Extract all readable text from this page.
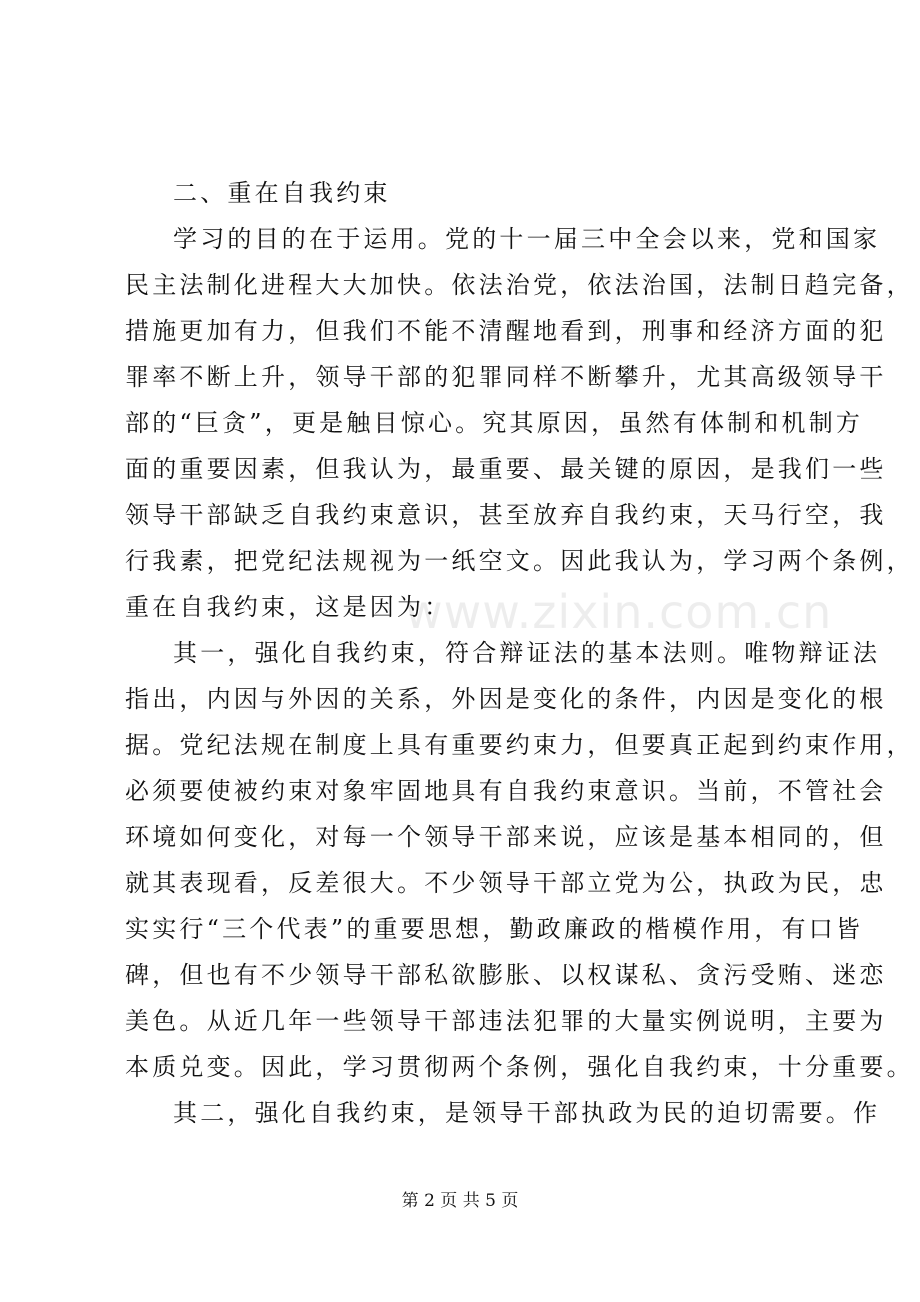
二、重在自我约束
学习的目的在于运用。党的十一届三中全会以来，党和国家
民主法制化进程大大加快。依法治党，依法治国，法制日趋完备，
措施更加有力，但我们不能不清醒地看到，刑事和经济方面的犯
罪率不断上升，领导干部的犯罪同样不断攀升，尤其高级领导干
部的“巨贪”，更是触目惊心。究其原因，虽然有体制和机制方
面的重要因素，但我认为，最重要、最关键的原因，是我们一些
领导干部缺乏自我约束意识，甚至放弃自我约束，天马行空，我
行我素，把党纪法规视为一纸空文。因此我认为，学习两个条例，
重在自我约束，这是因为：
其一，强化自我约束，符合辩证法的基本法则。唯物辩证法
指出，内因与外因的关系，外因是变化的条件，内因是变化的根
据。党纪法规在制度上具有重要约束力，但要真正起到约束作用，
必须要使被约束对象牢固地具有自我约束意识。当前，不管社会
环境如何变化，对每一个领导干部来说，应该是基本相同的，但
就其表现看，反差很大。不少领导干部立党为公，执政为民，忠
实实行“三个代表”的重要思想，勤政廉政的楷模作用，有口皆
碑，但也有不少领导干部私欲膨胀、以权谋私、贪污受贿、迷恋
美色。从近几年一些领导干部违法犯罪的大量实例说明，主要为
本质兑变。因此，学习贯彻两个条例，强化自我约束，十分重要。
其二，强化自我约束，是领导干部执政为民的迫切需要。作
www.zixin.com.cn
第 2 页 共 5 页
